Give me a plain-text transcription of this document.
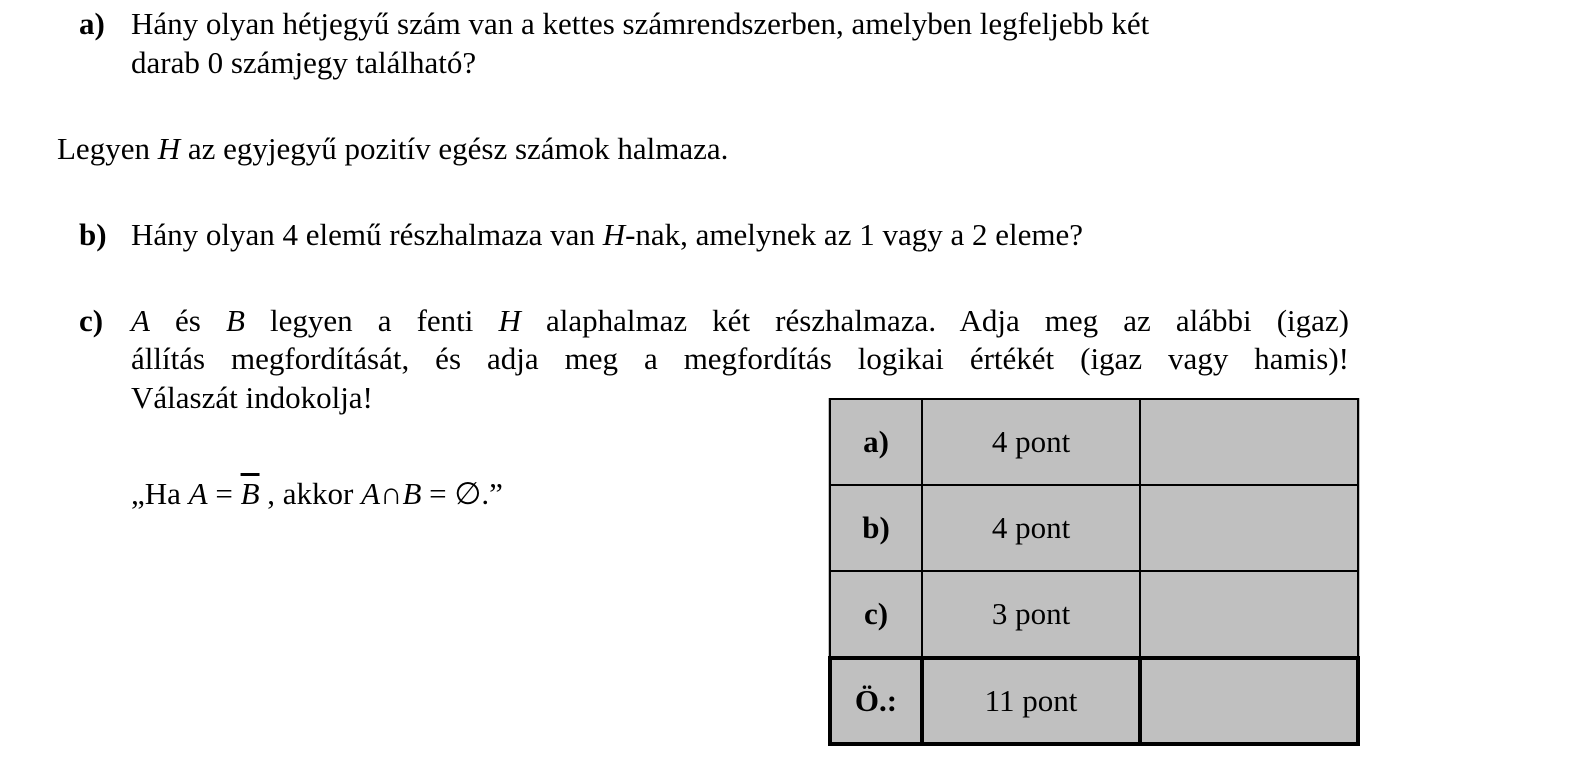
a) Hány olyan hétjegyű szám van a kettes számrendszerben, amelyben legfeljebb két
darab 0 számjegy található?
Legyen H az egyjegyű pozitív egész számok halmaza.
b) Hány olyan 4 elemű részhalmaza van H-nak, amelynek az 1 vagy a 2 eleme?
c) A és B legyen a fenti H alaphalmaz két részhalmaza. Adja meg az alábbi (igaz)
állítás megfordítását, és adja meg a megfordítás logikai értékét (igaz vagy hamis)!
Válaszát indokolja!
„Ha $A = \overline{B}$ , akkor A∩B = ∅.”
a)	4 pont	
b)	4 pont	
c)	3 pont	
Ö.:	11 pont	
